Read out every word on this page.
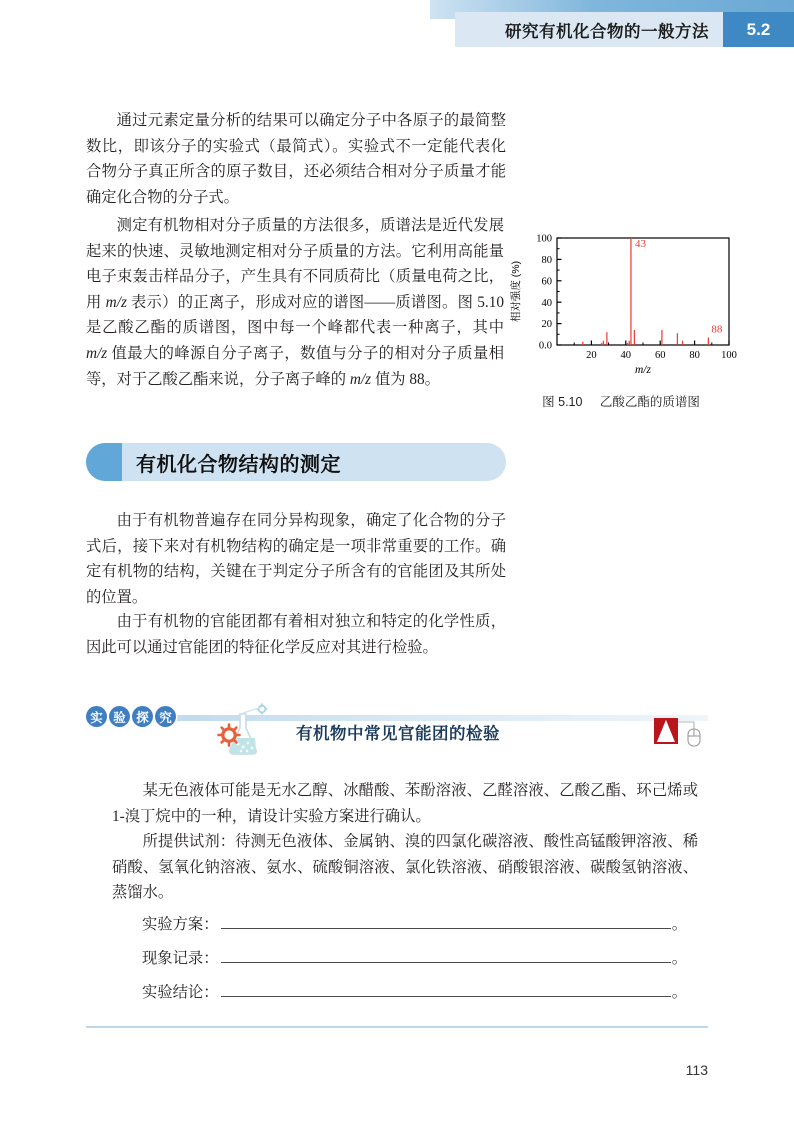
研究有机化合物的一般方法	5.2

通过元素定量分析的结果可以确定分子中各原子的最简整数比，即该分子的实验式（最简式）。实验式不一定能代表化合物分子真正所含的原子数目，还必须结合相对分子质量才能确定化合物的分子式。

测定有机物相对分子质量的方法很多，质谱法是近代发展起来的快速、灵敏地测定相对分子质量的方法。它利用高能量电子束轰击样品分子，产生具有不同质荷比（质量电荷之比，用 m/z 表示）的正离子，形成对应的谱图——质谱图。图 5.10 是乙酸乙酯的质谱图，图中每一个峰都代表一种离子，其中 m/z 值最大的峰源自分子离子，数值与分子的相对分子质量相等，对于乙酸乙酯来说，分子离子峰的 m/z 值为 88。

0.0
20
40
60
80
100
20 40 60 80 100
43
88
m/z
相对强度 (%)
图 5.10 乙酸乙酯的质谱图
有机化合物结构的测定

由于有机物普遍存在同分异构现象，确定了化合物的分子式后，接下来对有机物结构的确定是一项非常重要的工作。确定有机物的结构，关键在于判定分子所含有的官能团及其所处的位置。

由于有机物的官能团都有着相对独立和特定的化学性质，因此可以通过官能团的特征化学反应对其进行检验。

实 验 探 究
有机物中常见官能团的检验

某无色液体可能是无水乙醇、冰醋酸、苯酚溶液、乙醛溶液、乙酸乙酯、环己烯或 1-溴丁烷中的一种，请设计实验方案进行确认。

所提供试剂：待测无色液体、金属钠、溴的四氯化碳溶液、酸性高锰酸钾溶液、稀硝酸、氢氧化钠溶液、氨水、硫酸铜溶液、氯化铁溶液、硝酸银溶液、碳酸氢钠溶液、蒸馏水。

实验方案：	。
现象记录：	。
实验结论：	。
113
